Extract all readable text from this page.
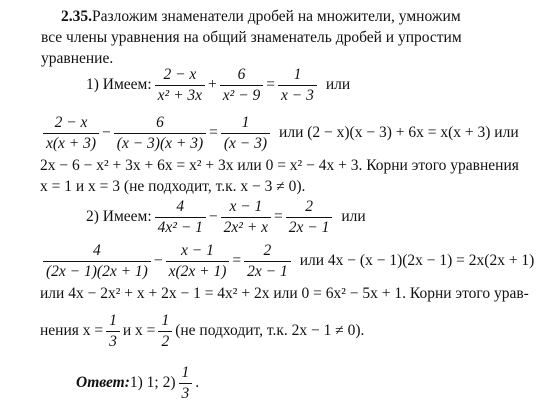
2.35. Разложим знаменатели дробей на множители, умножим
все члены уравнения на общий знаменатель дробей и упростим
уравнение.
1) Имеем: $\frac{2 - x}{\text{x² + 3x}} + \frac{6}{\text{x² − 9}} = \frac{1}{x - 3}$ или
$\frac{2 - x}{x(x + 3)} - \frac{6}{(x - 3)(x + 3)} = \frac{1}{(x - 3)}$ или (2 − x)(x − 3) + 6x = x(x + 3) или
2x − 6 − x² + 3x + 6x = x² + 3x или 0 = x² − 4x + 3. Корни этого уравнения
x = 1 и x = 3 (не подходит, т.к. x − 3 ≠ 0).
2) Имеем: $\frac{4}{\text{4x² − 1}} - \frac{x - 1}{\text{2x² + x}} = \frac{2}{2x - 1}$ или
$\frac{4}{(2x - 1)(2x + 1)} - \frac{x - 1}{x(2x + 1)} = \frac{2}{2x - 1}$ или 4x − (x − 1)(2x − 1) = 2x(2x + 1)
или 4x − 2x² + x + 2x − 1 = 4x² + 2x или 0 = 6x² − 5x + 1. Корни этого урав-
нения $x = \frac{1}{3}$ и $x = \frac{1}{2} (не$ подходит, т.к. 2x − 1 ≠ 0).
Ответ: 1) 1; $2) \frac{1}{3}$ .
